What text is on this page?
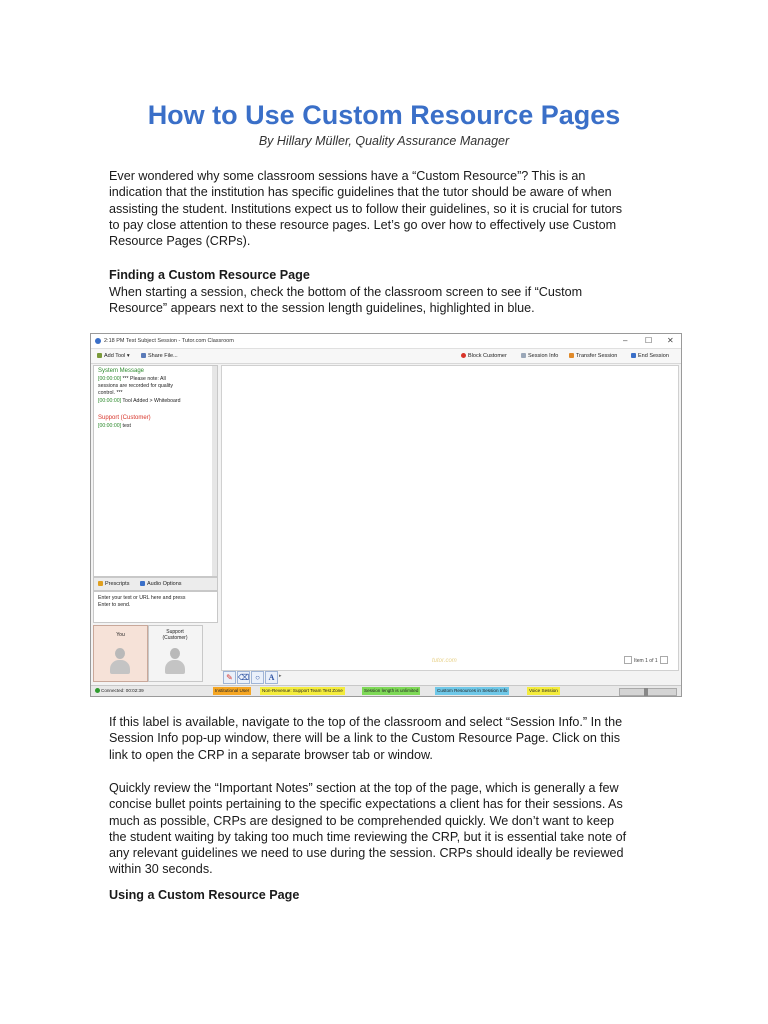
How to Use Custom Resource Pages
By Hillary Müller, Quality Assurance Manager
Ever wondered why some classroom sessions have a “Custom Resource”? This is an
indication that the institution has specific guidelines that the tutor should be aware of when
assisting the student. Institutions expect us to follow their guidelines, so it is crucial for tutors
to pay close attention to these resource pages. Let’s go over how to effectively use Custom
Resource Pages (CRPs).
Finding a Custom Resource Page
When starting a session, check the bottom of the classroom screen to see if “Custom
Resource” appears next to the session length guidelines, highlighted in blue.
2:18 PM Test Subject Session - Tutor.com Classroom	– ☐ ✕
Add Tool ▾	Share File...	Block Customer	Session Info	Transfer Session	End Session
System Message
[00:00:00] *** Please note: All
sessions are recorded for quality
control. ***
[00:00:00] Tool Added > Whiteboard
Support (Customer)
[00:00:00] test
Prescripts	Audio Options
Enter your text or URL here and press
Enter to send.
You	Support (Customer)
tutor.com	Item 1 of 1
✎ ⌫ ○	A ▸
Connected: 00:02:39	Institutional User	Non-Revenue: Support Team Test Zone	Session length is unlimited	Custom Resources in Session Info	Voice Session
If this label is available, navigate to the top of the classroom and select “Session Info.” In the
Session Info pop-up window, there will be a link to the Custom Resource Page. Click on this
link to open the CRP in a separate browser tab or window.
Quickly review the “Important Notes” section at the top of the page, which is generally a few
concise bullet points pertaining to the specific expectations a client has for their sessions. As
much as possible, CRPs are designed to be comprehended quickly. We don’t want to keep
the student waiting by taking too much time reviewing the CRP, but it is essential take note of
any relevant guidelines we need to use during the session. CRPs should ideally be reviewed
within 30 seconds.
Using a Custom Resource Page
